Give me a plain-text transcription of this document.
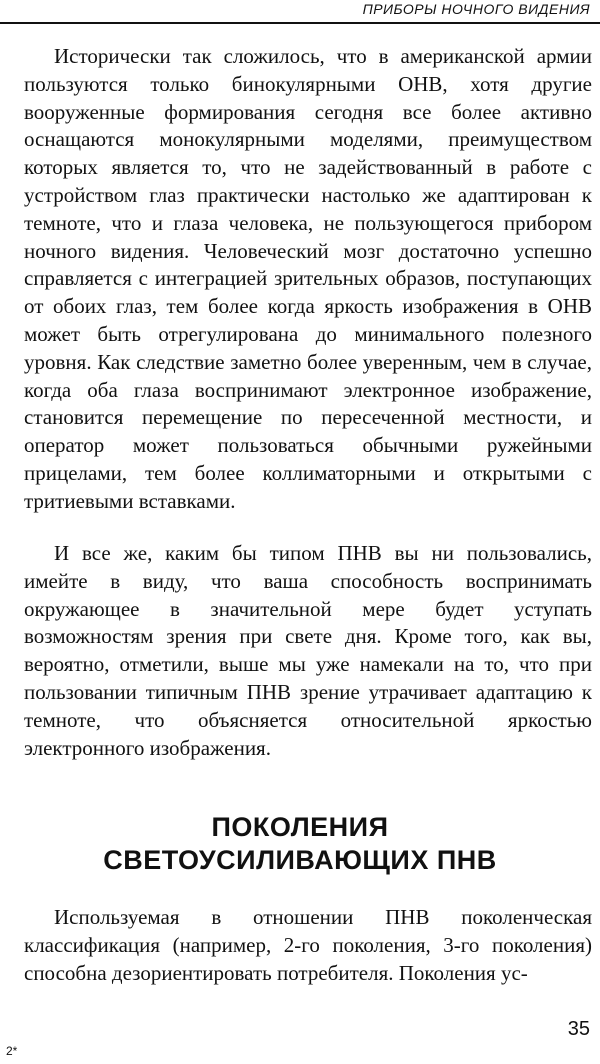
ПРИБОРЫ НОЧНОГО ВИДЕНИЯ

Исторически так сложилось, что в американской армии пользуются только бинокулярными ОНВ, хотя другие вооруженные формирования сегодня все более активно оснащаются монокулярными моделями, преимуществом которых является то, что не задействованный в работе с устройством глаз практически настолько же адаптирован к темноте, что и глаза человека, не пользующегося прибором ночного видения. Человеческий мозг достаточно успешно справляется с интеграцией зрительных образов, поступающих от обоих глаз, тем более когда яркость изображения в ОНВ может быть отрегулирована до минимального полезного уровня. Как следствие заметно более уверенным, чем в случае, когда оба глаза воспринимают электронное изображение, становится перемещение по пересеченной местности, и оператор может пользоваться обычными ружейными прицелами, тем более коллиматорными и открытыми с тритиевыми вставками.

И все же, каким бы типом ПНВ вы ни пользовались, имейте в виду, что ваша способность воспринимать окружающее в значительной мере будет уступать возможностям зрения при свете дня. Кроме того, как вы, вероятно, отметили, выше мы уже намекали на то, что при пользовании типичным ПНВ зрение утрачивает адаптацию к темноте, что объясняется относительной яркостью электронного изображения.

ПОКОЛЕНИЯ
СВЕТОУСИЛИВАЮЩИХ ПНВ

Используемая в отношении ПНВ поколенческая классификация (например, 2-го поколения, 3-го поколения) способна дезориентировать потребителя. Поколения ус-

35
2*
